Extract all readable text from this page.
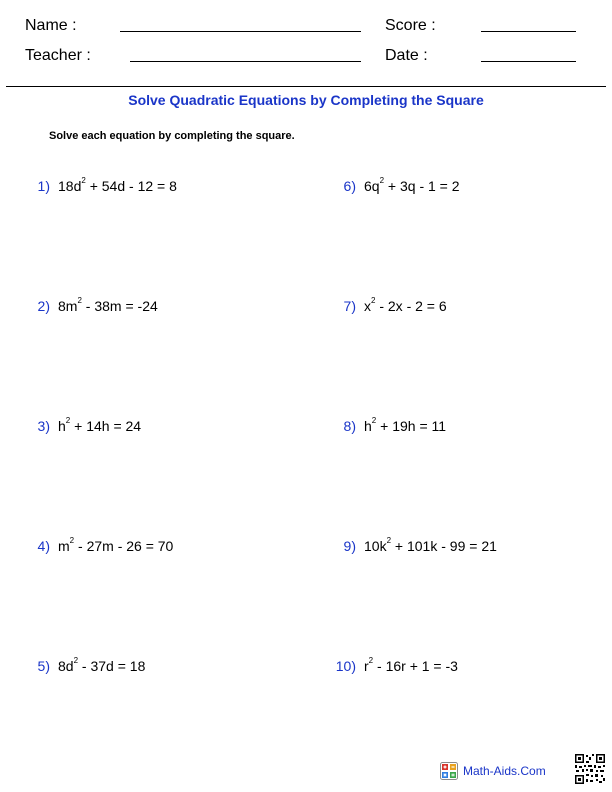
Name :
Teacher :
Score :
Date :
Solve Quadratic Equations by Completing the Square
Solve each equation by completing the square.
1) $18d^2 + 54d - 12 = 8$
2) $8m^2 - 38m = -24$
3) $h^2 + 14h = 24$
4) $m^2 - 27m - 26 = 70$
5) $8d^2 - 37d = 18$
6) $6q^2 + 3q - 1 = 2$
7) $x^2 - 2x - 2 = 6$
8) $h^2 + 19h = 11$
9) $10k^2 + 101k - 99 = 21$
10) $r^2 - 16r + 1 = -3$
Math-Aids.Com
